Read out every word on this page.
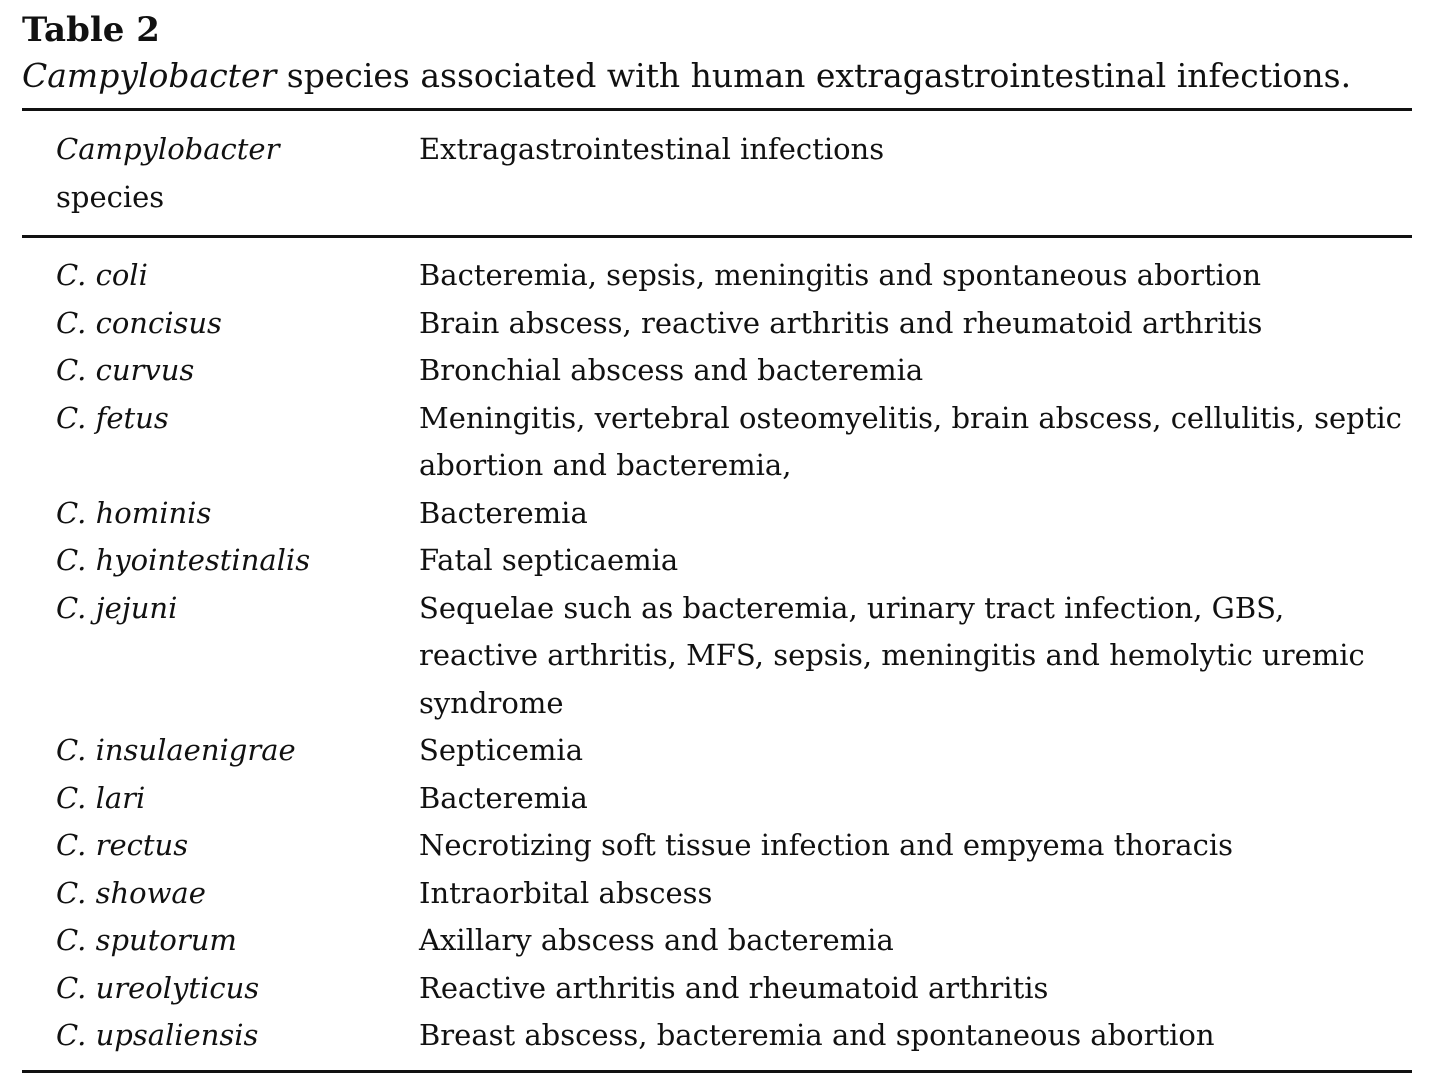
Table 2

Campylobacter species associated with human extragastrointestinal infections.

Campylobacter
species	Extragastrointestinal infections

C. coli	Bacteremia, sepsis, meningitis and spontaneous abortion
C. concisus	Brain abscess, reactive arthritis and rheumatoid arthritis
C. curvus	Bronchial abscess and bacteremia
C. fetus	Meningitis, vertebral osteomyelitis, brain abscess, cellulitis, septic abortion and bacteremia,
C. hominis	Bacteremia
C. hyointestinalis	Fatal septicaemia
C. jejuni	Sequelae such as bacteremia, urinary tract infection, GBS, reactive arthritis, MFS, sepsis, meningitis and hemolytic uremic syndrome
C. insulaenigrae	Septicemia
C. lari	Bacteremia
C. rectus	Necrotizing soft tissue infection and empyema thoracis
C. showae	Intraorbital abscess
C. sputorum	Axillary abscess and bacteremia
C. ureolyticus	Reactive arthritis and rheumatoid arthritis
C. upsaliensis	Breast abscess, bacteremia and spontaneous abortion
